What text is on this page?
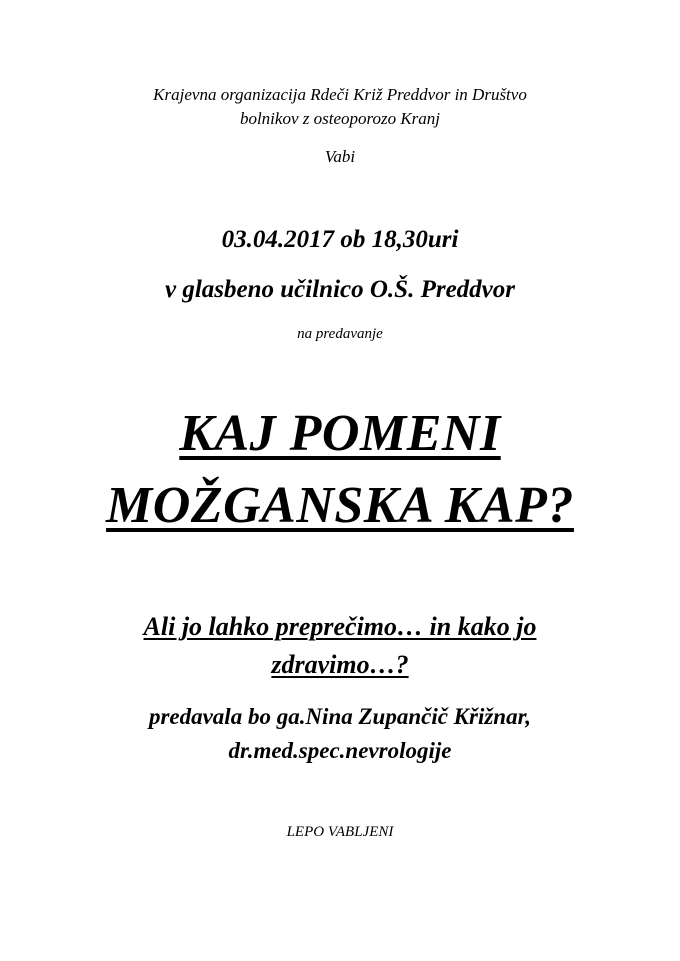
Krajevna organizacija Rdeči Križ Preddvor in Društvo
bolnikov z osteoporozo Kranj
Vabi
03.04.2017 ob 18,30uri
v glasbeno učilnico O.Š. Preddvor
na predavanje
KAJ POMENI
MOŽGANSKA KAP?
Ali jo lahko preprečimo… in kako jo
zdravimo…?
predavala bo ga.Nina Zupančič Křižnar,
dr.med.spec.nevrologije
LEPO VABLJENI
